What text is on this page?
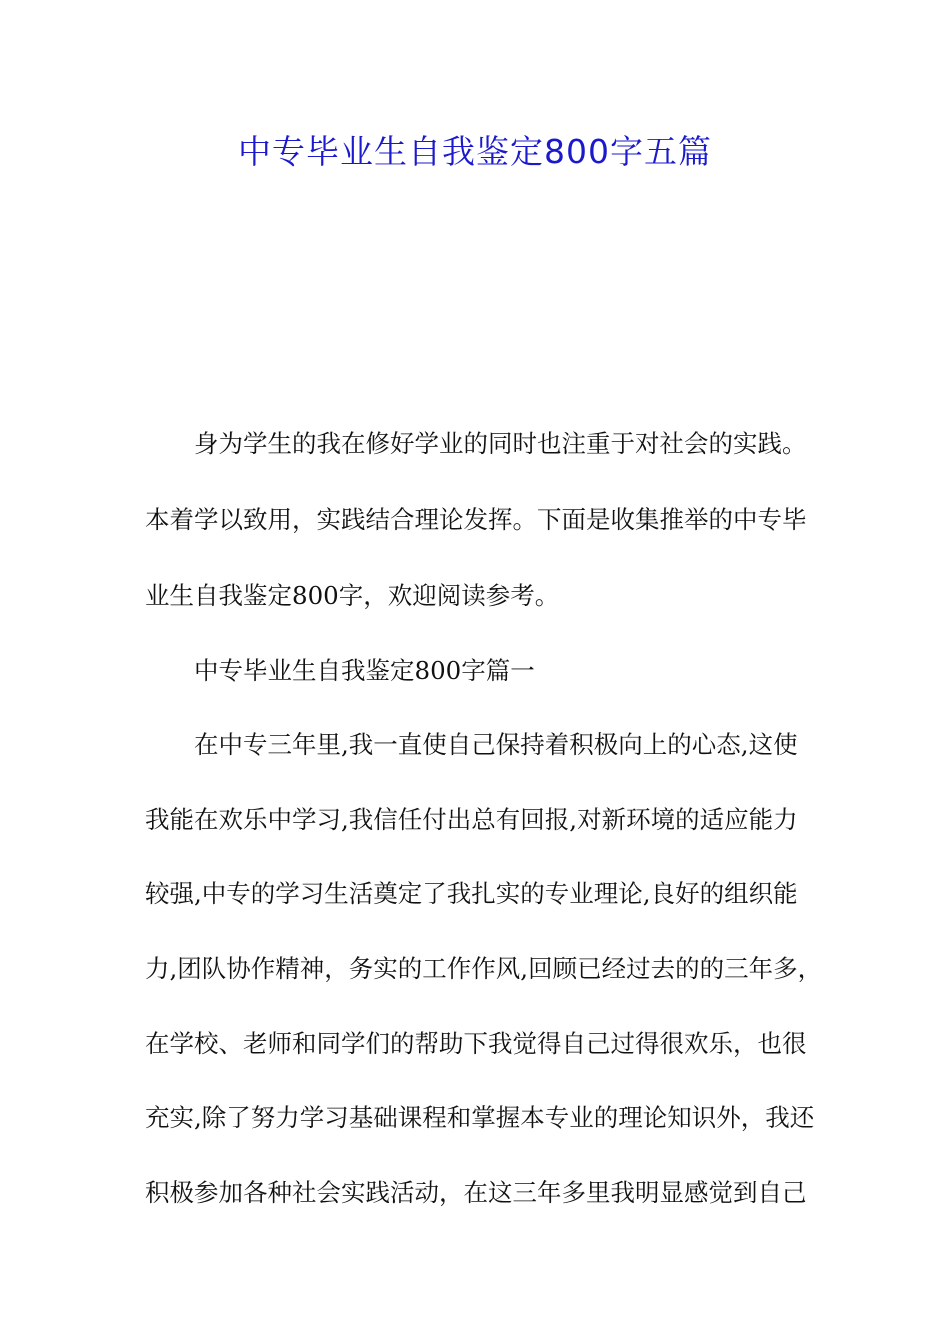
中专毕业生自我鉴定800字五篇
身为学生的我在修好学业的同时也注重于对社会的实践。
本着学以致用，实践结合理论发挥。下面是收集推举的中专毕
业生自我鉴定800字，欢迎阅读参考。
中专毕业生自我鉴定800字篇一
在中专三年里,我一直使自己保持着积极向上的心态,这使
我能在欢乐中学习,我信任付出总有回报,对新环境的适应能力
较强,中专的学习生活奠定了我扎实的专业理论,良好的组织能
力,团队协作精神，务实的工作作风,回顾已经过去的的三年多，
在学校、老师和同学们的帮助下我觉得自己过得很欢乐，也很
充实,除了努力学习基础课程和掌握本专业的理论知识外，我还
积极参加各种社会实践活动，在这三年多里我明显感觉到自己
